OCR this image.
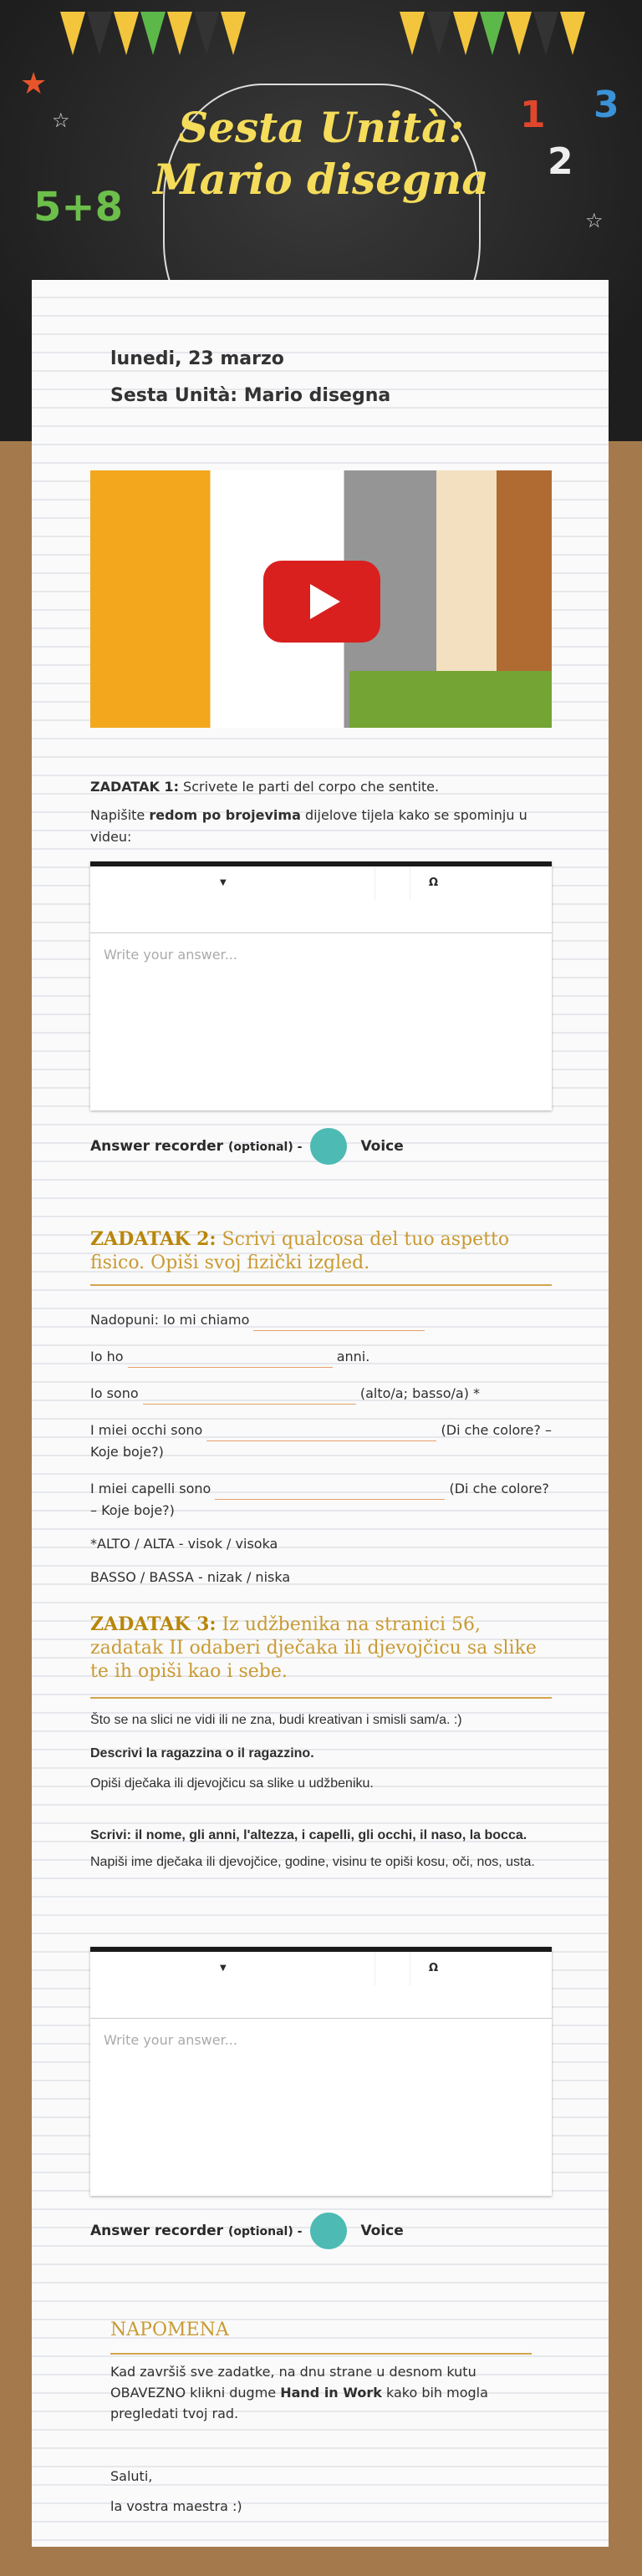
★
☆
☆
1
2
3
5+8
Sesta Unità: Mario disegna
lunedi, 23 marzo
Sesta Unità: Mario disegna
ZADATAK 1: Scrivete le parti del corpo che sentite.
Napišite redom po brojevima dijelove tijela kako se spominju u videu:
▼	Ω
Write your answer...
Answer recorder (optional) -	Voice
ZADATAK 2: Scrivi qualcosa del tuo aspetto fisico. Opiši svoj fizički izgled.
Nadopuni: Io mi chiamo
Io ho	anni.
Io sono	(alto/a; basso/a) *
I miei occhi sono	(Di che colore? – Koje boje?)
I miei capelli sono	(Di che colore? – Koje boje?)
*ALTO / ALTA - visok / visoka
BASSO / BASSA - nizak / niska
ZADATAK 3: Iz udžbenika na stranici 56, zadatak II odaberi dječaka ili djevojčicu sa slike te ih opiši kao i sebe.
Što se na slici ne vidi ili ne zna, budi kreativan i smisli sam/a. :)
Descrivi la ragazzina o il ragazzino.
Opiši dječaka ili djevojčicu sa slike u udžbeniku.
Scrivi: il nome, gli anni, l'altezza, i capelli, gli occhi, il naso, la bocca.
Napiši ime dječaka ili djevojčice, godine, visinu te opiši kosu, oči, nos, usta.
▼	Ω
Write your answer...
Answer recorder (optional) -	Voice
NAPOMENA
Kad završiš sve zadatke, na dnu strane u desnom kutu OBAVEZNO klikni dugme Hand in Work kako bih mogla pregledati tvoj rad.
Saluti,
la vostra maestra :)
